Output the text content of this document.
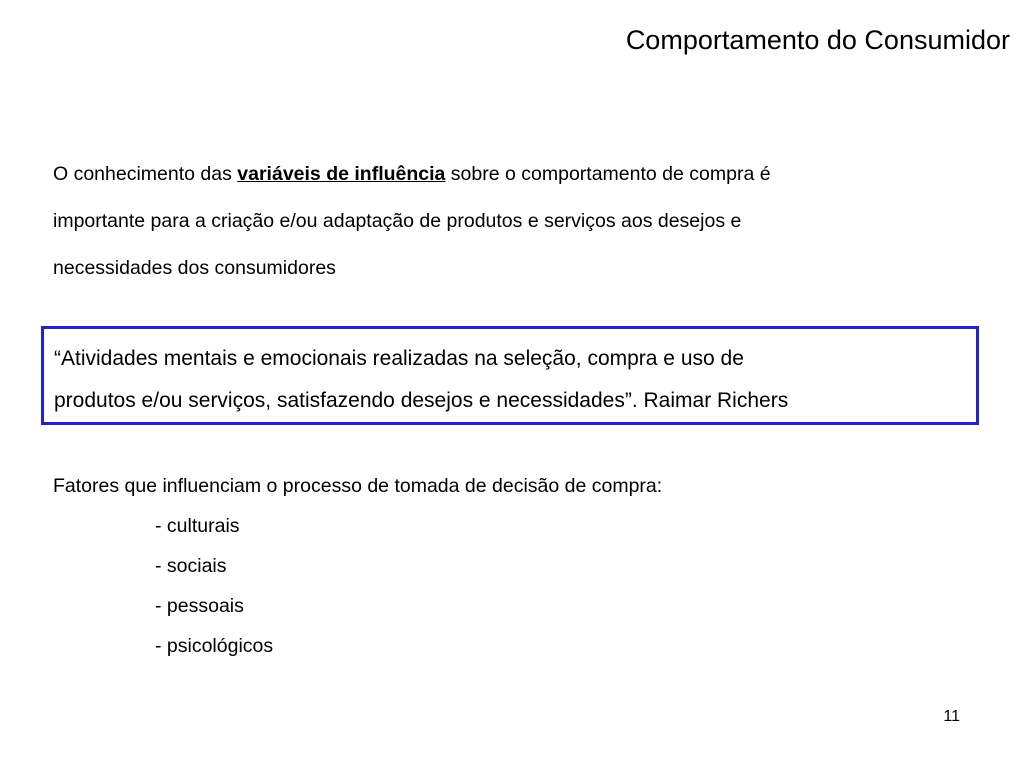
Comportamento do Consumidor
O conhecimento das variáveis de influência sobre o comportamento de compra é
importante para a criação e/ou adaptação de produtos e serviços aos desejos e
necessidades dos consumidores
“Atividades mentais e emocionais realizadas na seleção, compra e uso de
produtos e/ou serviços, satisfazendo desejos e necessidades”. Raimar Richers
Fatores que influenciam o processo de tomada de decisão de compra:
- culturais
- sociais
- pessoais
- psicológicos
11
